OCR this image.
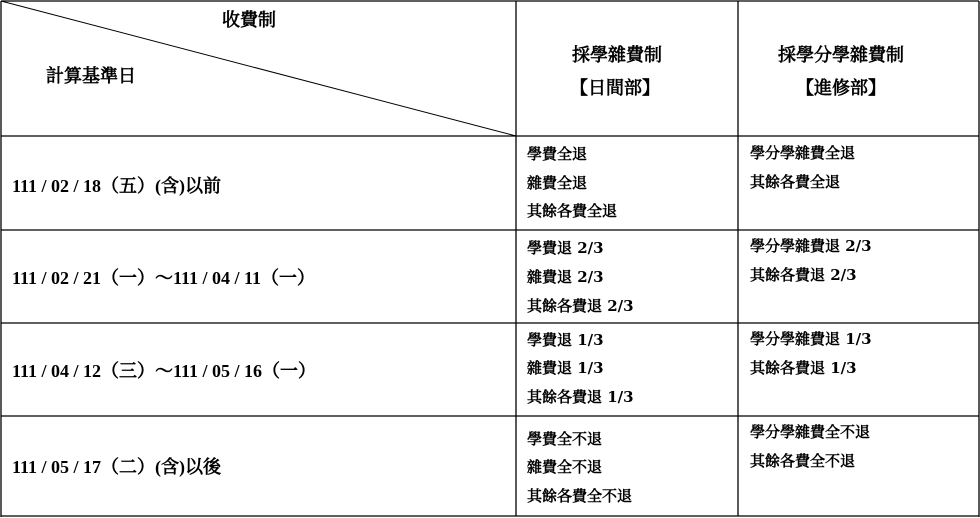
收費制
計算基準日
採學雜費制
【日間部】
採學分學雜費制
【進修部】
111 / 02 / 18（五）(含)以前
學費全退
雜費全退
其餘各費全退
學分學雜費全退
其餘各費全退
111 / 02 / 21（一）～111 / 04 / 11（一）
學費退 2/3
雜費退 2/3
其餘各費退 2/3
學分學雜費退 2/3
其餘各費退 2/3
111 / 04 / 12（三）～111 / 05 / 16（一）
學費退 1/3
雜費退 1/3
其餘各費退 1/3
學分學雜費退 1/3
其餘各費退 1/3
111 / 05 / 17（二）(含)以後
學費全不退
雜費全不退
其餘各費全不退
學分學雜費全不退
其餘各費全不退
